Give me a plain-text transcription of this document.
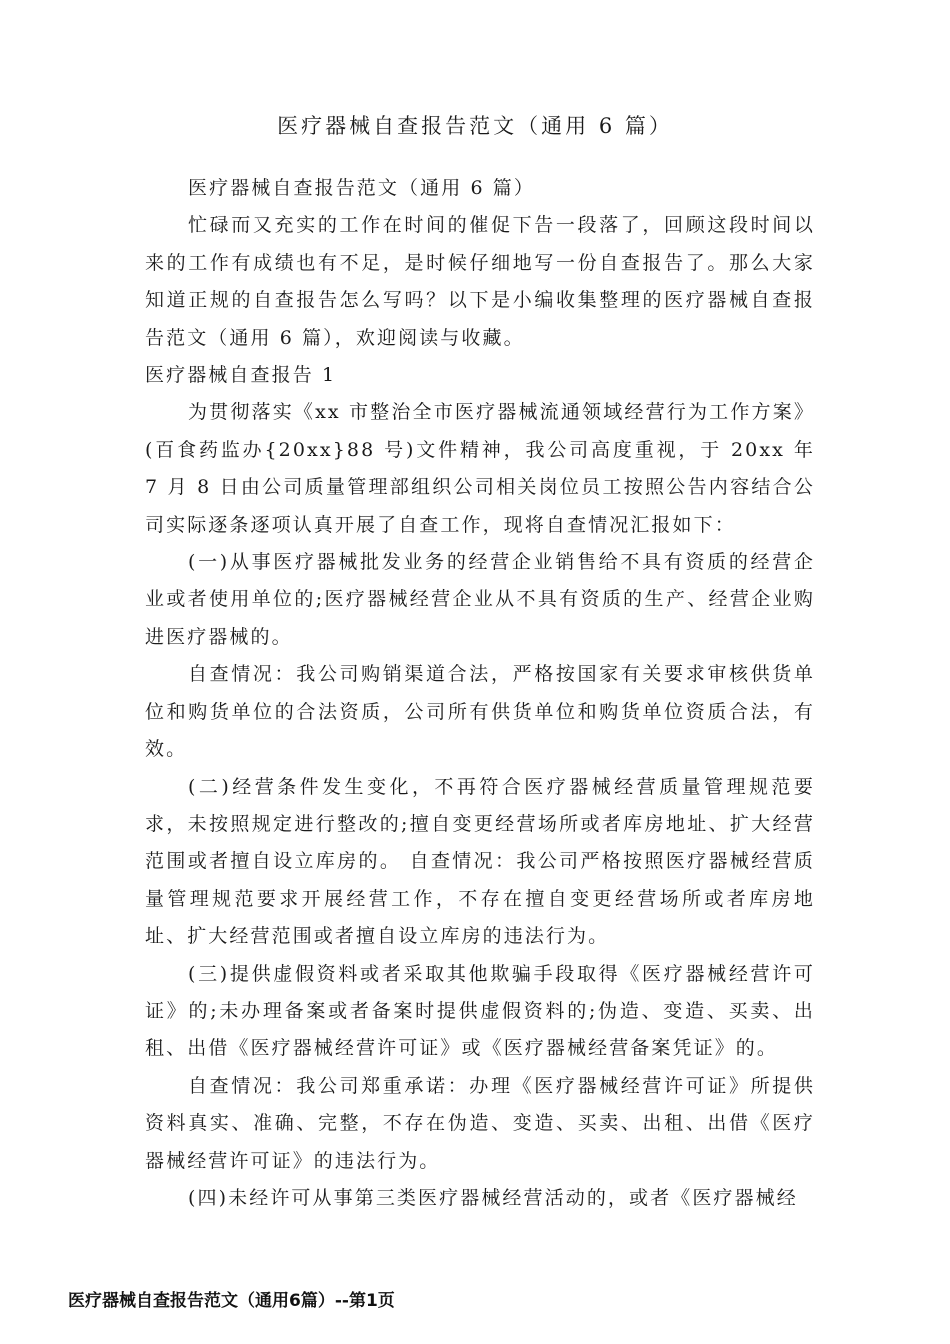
医疗器械自查报告范文（通用 6 篇）

医疗器械自查报告范文（通用 6 篇）

忙碌而又充实的工作在时间的催促下告一段落了，回顾这段时间以来的工作有成绩也有不足，是时候仔细地写一份自查报告了。那么大家知道正规的自查报告怎么写吗？以下是小编收集整理的医疗器械自查报告范文（通用 6 篇），欢迎阅读与收藏。

医疗器械自查报告 1

为贯彻落实《xx 市整治全市医疗器械流通领域经营行为工作方案》(百食药监办{20xx}88 号)文件精神，我公司高度重视，于 20xx 年 7 月 8 日由公司质量管理部组织公司相关岗位员工按照公告内容结合公司实际逐条逐项认真开展了自查工作，现将自查情况汇报如下：

(一)从事医疗器械批发业务的经营企业销售给不具有资质的经营企业或者使用单位的;医疗器械经营企业从不具有资质的生产、经营企业购进医疗器械的。

自查情况：我公司购销渠道合法，严格按国家有关要求审核供货单位和购货单位的合法资质，公司所有供货单位和购货单位资质合法，有效。

(二)经营条件发生变化，不再符合医疗器械经营质量管理规范要求，未按照规定进行整改的;擅自变更经营场所或者库房地址、扩大经营范围或者擅自设立库房的。 自查情况：我公司严格按照医疗器械经营质量管理规范要求开展经营工作，不存在擅自变更经营场所或者库房地址、扩大经营范围或者擅自设立库房的违法行为。

(三)提供虚假资料或者采取其他欺骗手段取得《医疗器械经营许可证》的;未办理备案或者备案时提供虚假资料的;伪造、变造、买卖、出租、出借《医疗器械经营许可证》或《医疗器械经营备案凭证》的。

自查情况：我公司郑重承诺：办理《医疗器械经营许可证》所提供资料真实、准确、完整，不存在伪造、变造、买卖、出租、出借《医疗器械经营许可证》的违法行为。

(四)未经许可从事第三类医疗器械经营活动的，或者《医疗器械经

医疗器械自查报告范文（通用6篇）--第1页
